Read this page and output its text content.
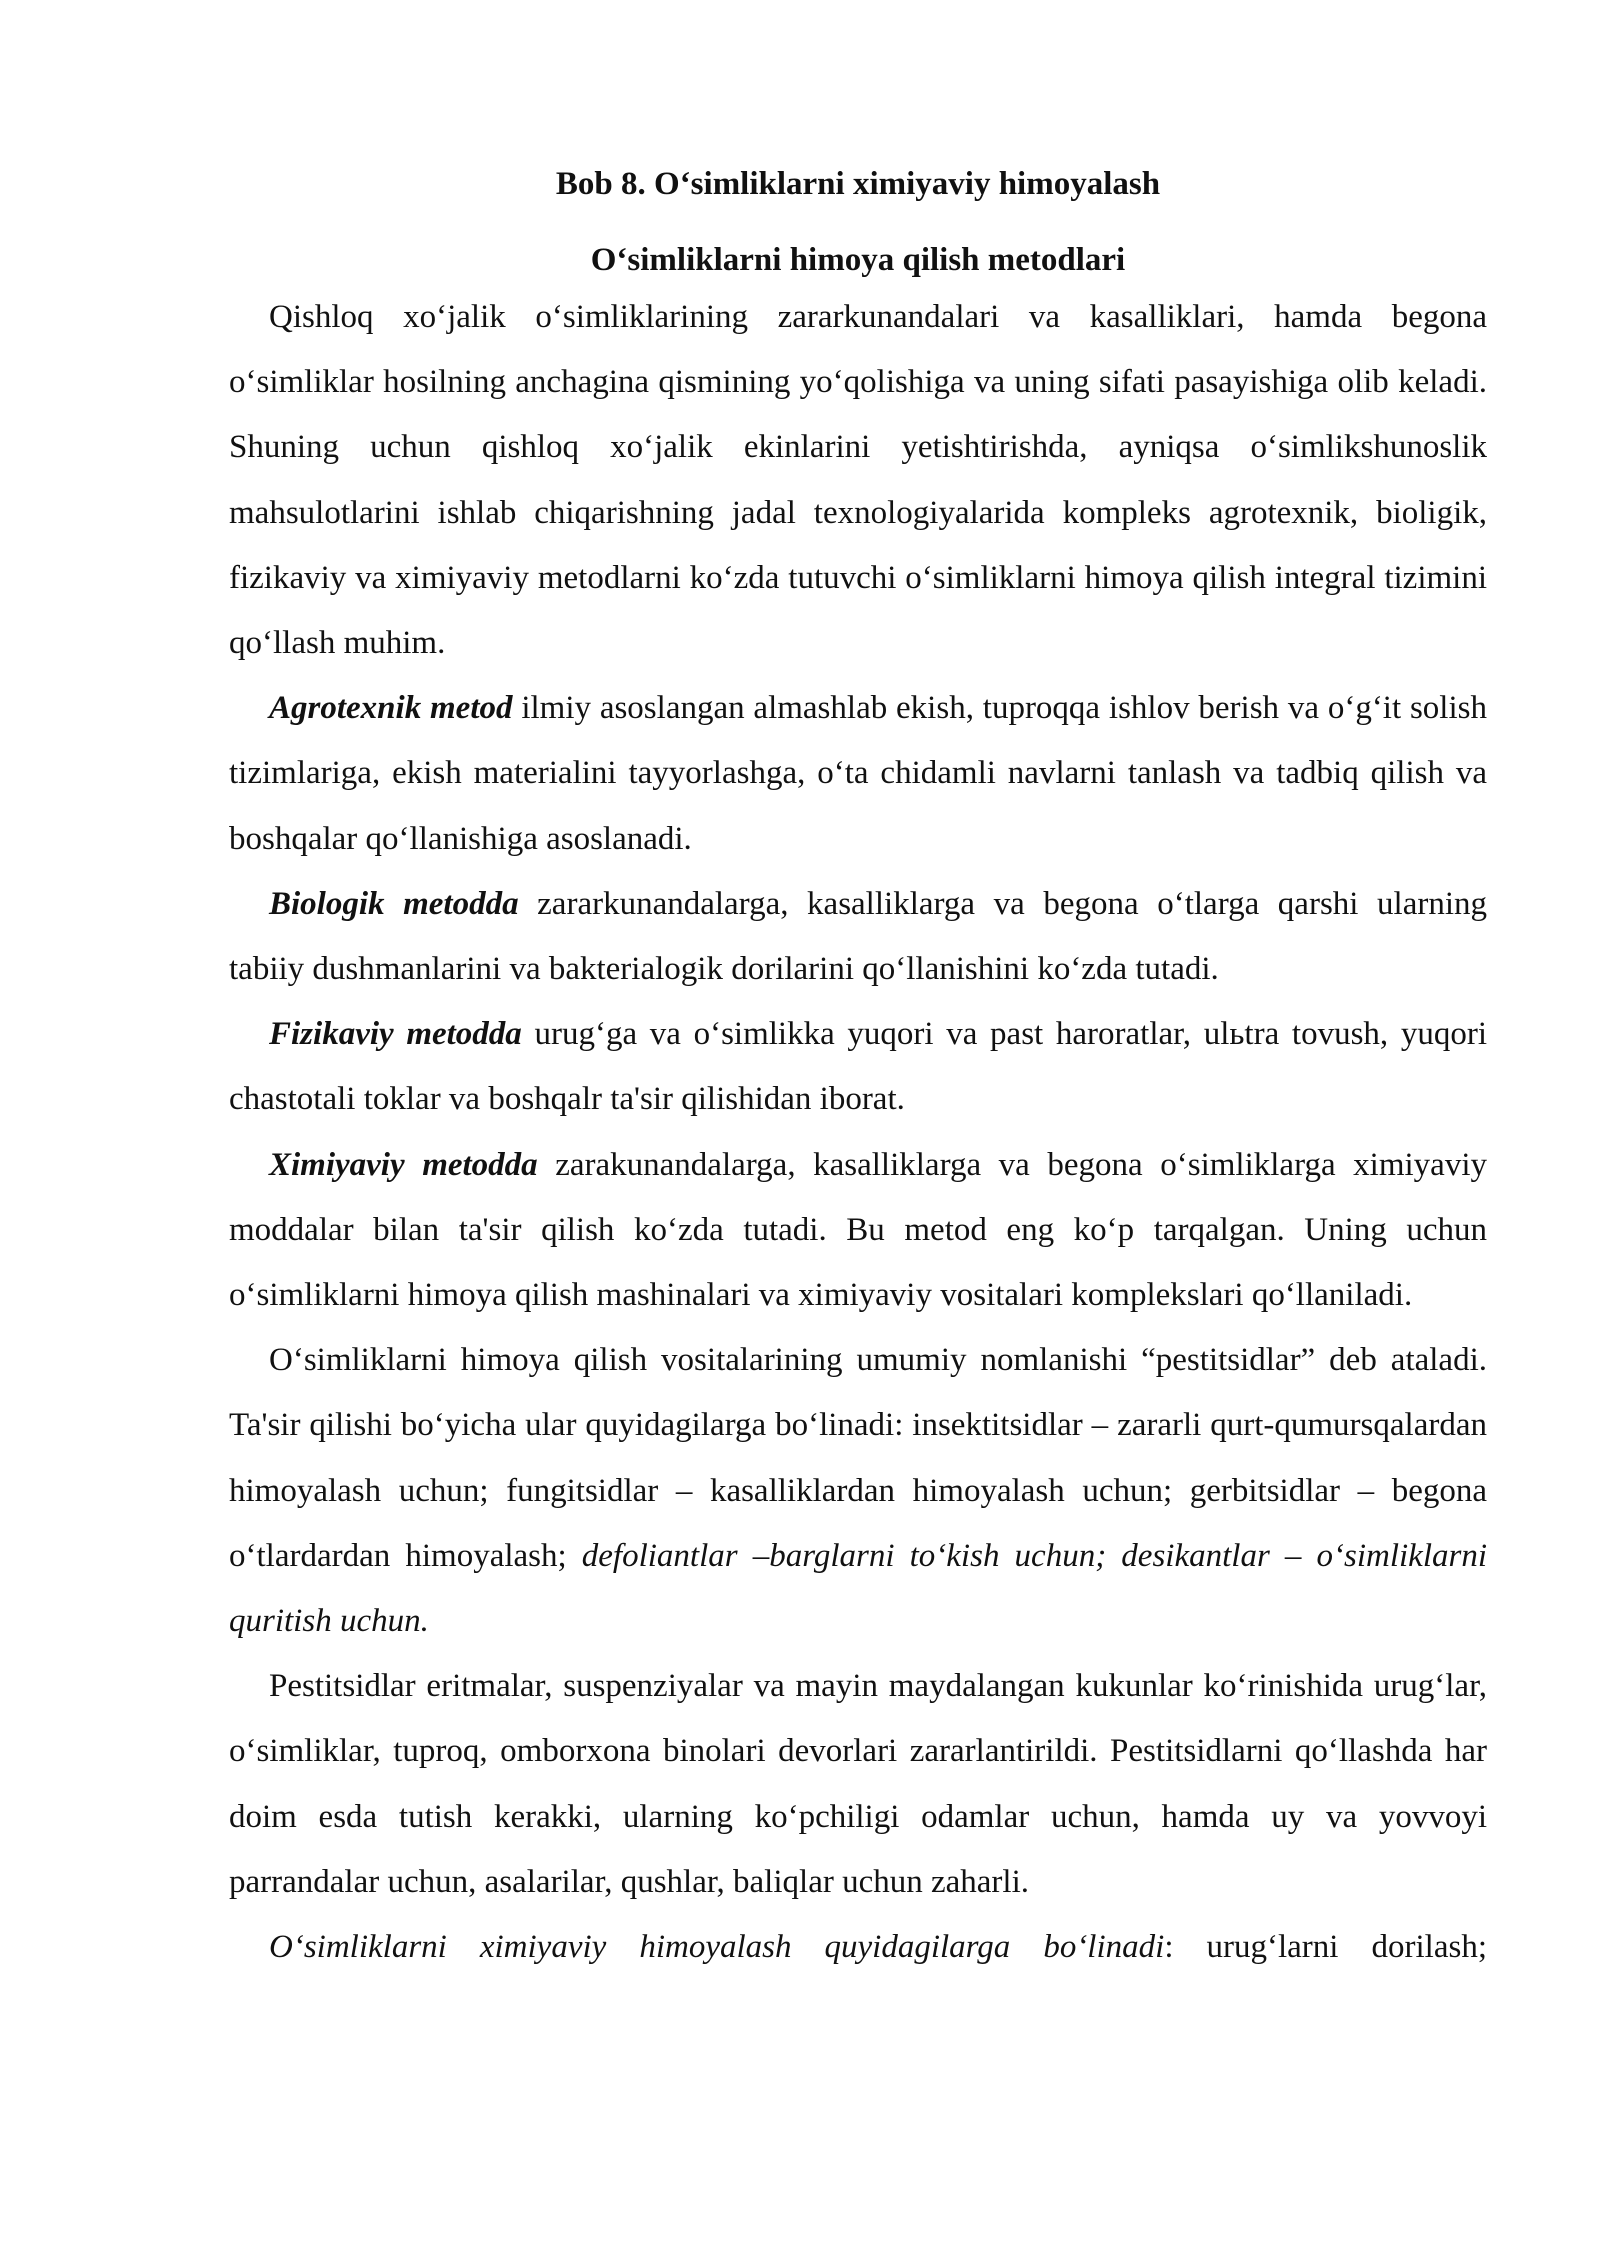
Bob 8. O‘simliklarni ximiyaviy himoyalash
O‘simliklarni himoya qilish metodlari

Qishloq xo‘jalik o‘simliklarining zararkunandalari va kasalliklari, hamda begona o‘simliklar hosilning anchagina qismining yo‘qolishiga va uning sifati pasayishiga olib keladi. Shuning uchun qishloq xo‘jalik ekinlarini yetishtirishda, ayniqsa o‘simlikshunoslik mahsulotlarini ishlab chiqarishning jadal texnologiyalarida kompleks agrotexnik, bioligik, fizikaviy va ximiyaviy metodlarni ko‘zda tutuvchi o‘simliklarni himoya qilish integral tizimini qo‘llash muhim.

Agrotexnik metod ilmiy asoslangan almashlab ekish, tuproqqa ishlov berish va o‘g‘it solish tizimlariga, ekish materialini tayyorlashga, o‘ta chidamli navlarni tanlash va tadbiq qilish va boshqalar qo‘llanishiga asoslanadi.

Biologik metodda zararkunandalarga, kasalliklarga va begona o‘tlarga qarshi ularning tabiiy dushmanlarini va bakterialogik dorilarini qo‘llanishini ko‘zda tutadi.

Fizikaviy metodda urug‘ga va o‘simlikka yuqori va past haroratlar, ulьtra tovush, yuqori chastotali toklar va boshqalr ta'sir qilishidan iborat.

Ximiyaviy metodda zarakunandalarga, kasalliklarga va begona o‘simliklarga ximiyaviy moddalar bilan ta'sir qilish ko‘zda tutadi. Bu metod eng ko‘p tarqalgan. Uning uchun o‘simliklarni himoya qilish mashinalari va ximiyaviy vositalari komplekslari qo‘llaniladi.

O‘simliklarni himoya qilish vositalarining umumiy nomlanishi “pestitsidlar” deb ataladi. Ta'sir qilishi bo‘yicha ular quyidagilarga bo‘linadi: insektitsidlar – zararli qurt-qumursqalardan himoyalash uchun; fungitsidlar – kasalliklardan himoyalash uchun; gerbitsidlar – begona o‘tlardardan himoyalash; defoliantlar –barglarni to‘kish uchun; desikantlar – o‘simliklarni quritish uchun.

Pestitsidlar eritmalar, suspenziyalar va mayin maydalangan kukunlar ko‘rinishida urug‘lar, o‘simliklar, tuproq, omborxona binolari devorlari zararlantirildi. Pestitsidlarni qo‘llashda har doim esda tutish kerakki, ularning ko‘pchiligi odamlar uchun, hamda uy va yovvoyi parrandalar uchun, asalarilar, qushlar, baliqlar uchun zaharli.

O‘simliklarni ximiyaviy himoyalash quyidagilarga bo‘linadi: urug‘larni dorilash;
